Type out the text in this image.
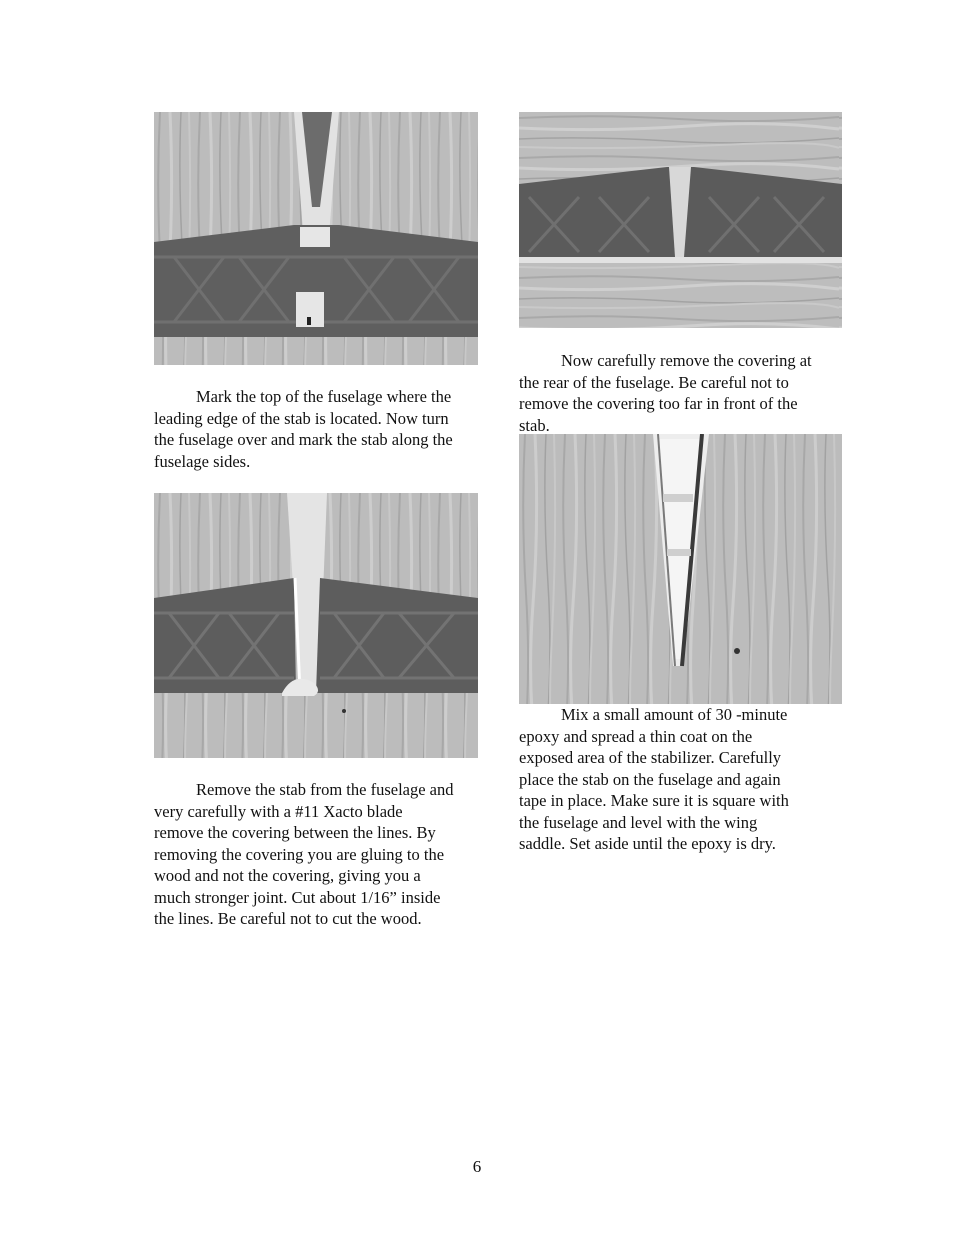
Mark the top of the fuselage where the leading edge of the stab is located. Now turn the fuselage over and mark the stab along the fuselage sides.

Remove the stab from the fuselage and very carefully with a #11 Xacto blade remove the covering between the lines. By removing the covering you are gluing to the wood and not the covering, giving you a much stronger joint. Cut about 1/16” inside the lines. Be careful not to cut the wood.

Now carefully remove the covering at the rear of the fuselage. Be careful not to remove the covering too far in front of the stab.

Mix a small amount of 30 -minute epoxy and spread a thin coat on the exposed area of the stabilizer. Carefully place the stab on the fuselage and again tape in place. Make sure it is square with the fuselage and level with the wing saddle. Set aside until the epoxy is dry.

6
